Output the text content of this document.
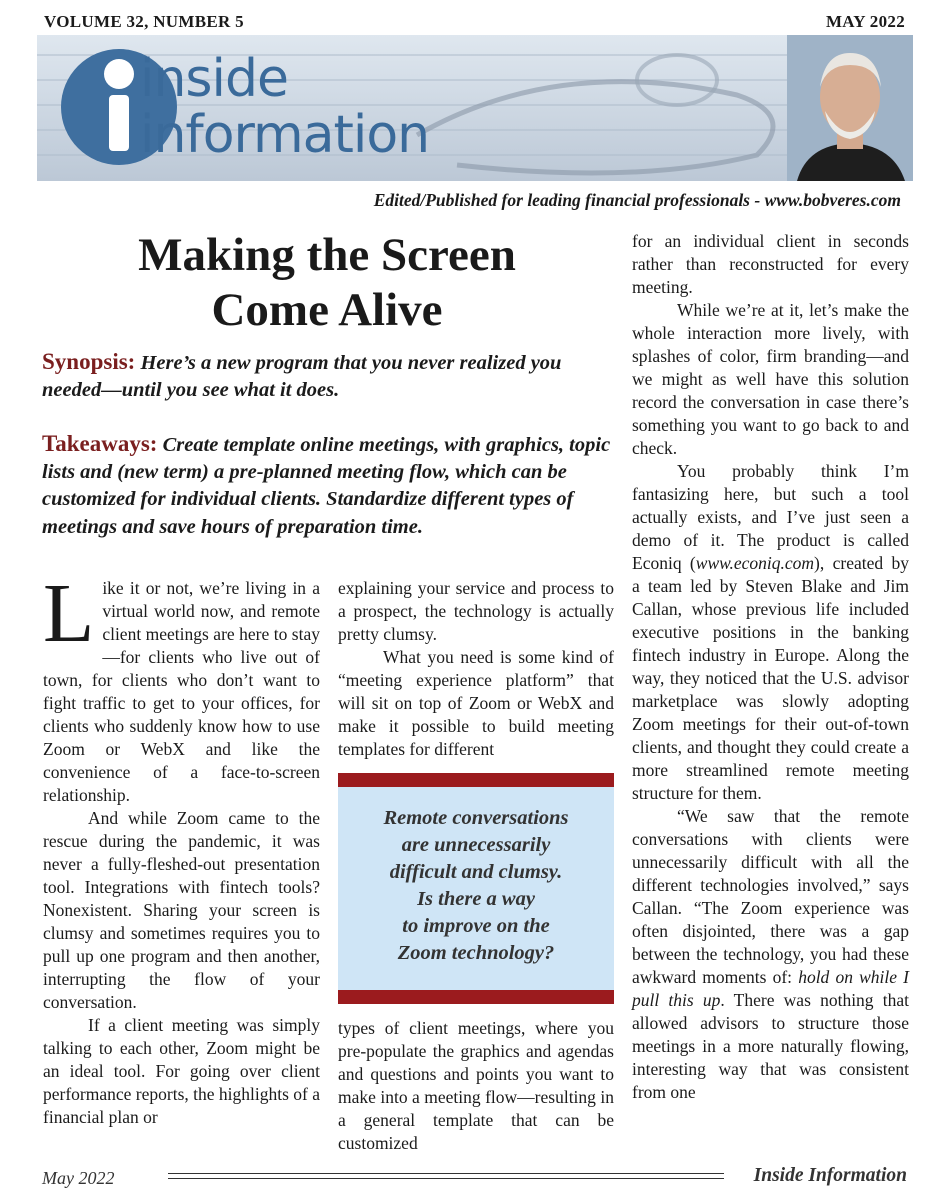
VOLUME 32, NUMBER 5	MAY 2022
inside
information
Edited/Published for leading financial professionals - www.bobveres.com
Making the Screen
Come Alive

Synopsis: Here’s a new program that you never realized you needed—until you see what it does.

Takeaways: Create template online meetings, with graphics, topic lists and (new term) a pre-planned meeting flow, which can be customized for individual clients. Standardize different types of meetings and save hours of preparation time.

Like it or not, we’re living in a virtual world now, and remote client meetings are here to stay—for clients who live out of town, for clients who don’t want to fight traffic to get to your offices, for clients who suddenly know how to use Zoom or WebX and like the convenience of a face-to-screen relationship.

And while Zoom came to the rescue during the pandemic, it was never a fully-fleshed-out presentation tool. Integrations with fintech tools? Nonexistent. Sharing your screen is clumsy and sometimes requires you to pull up one program and then another, interrupting the flow of your conversation.

If a client meeting was simply talking to each other, Zoom might be an ideal tool. For going over client performance reports, the highlights of a financial plan or

explaining your service and process to a prospect, the technology is actually pretty clumsy.

What you need is some kind of “meeting experience platform” that will sit on top of Zoom or WebX and make it possible to build meeting templates for different

Remote conversations
are unnecessarily
difficult and clumsy.
Is there a way
to improve on the
Zoom technology?

types of client meetings, where you pre-populate the graphics and agendas and questions and points you want to make into a meeting flow—resulting in a general template that can be customized

for an individual client in seconds rather than reconstructed for every meeting.

While we’re at it, let’s make the whole interaction more lively, with splashes of color, firm branding—and we might as well have this solution record the conversation in case there’s something you want to go back to and check.

You probably think I’m fantasizing here, but such a tool actually exists, and I’ve just seen a demo of it. The product is called Econiq (www.econiq.com), created by a team led by Steven Blake and Jim Callan, whose previous life included executive positions in the banking fintech industry in Europe. Along the way, they noticed that the U.S. advisor marketplace was slowly adopting Zoom meetings for their out-of-town clients, and thought they could create a more streamlined remote meeting structure for them.

“We saw that the remote conversations with clients were unnecessarily difficult with all the different technologies involved,” says Callan. “The Zoom experience was often disjointed, there was a gap between the technology, you had these awkward moments of: hold on while I pull this up. There was nothing that allowed advisors to structure those meetings in a more naturally flowing, interesting way that was consistent from one

May 2022	Inside Information
